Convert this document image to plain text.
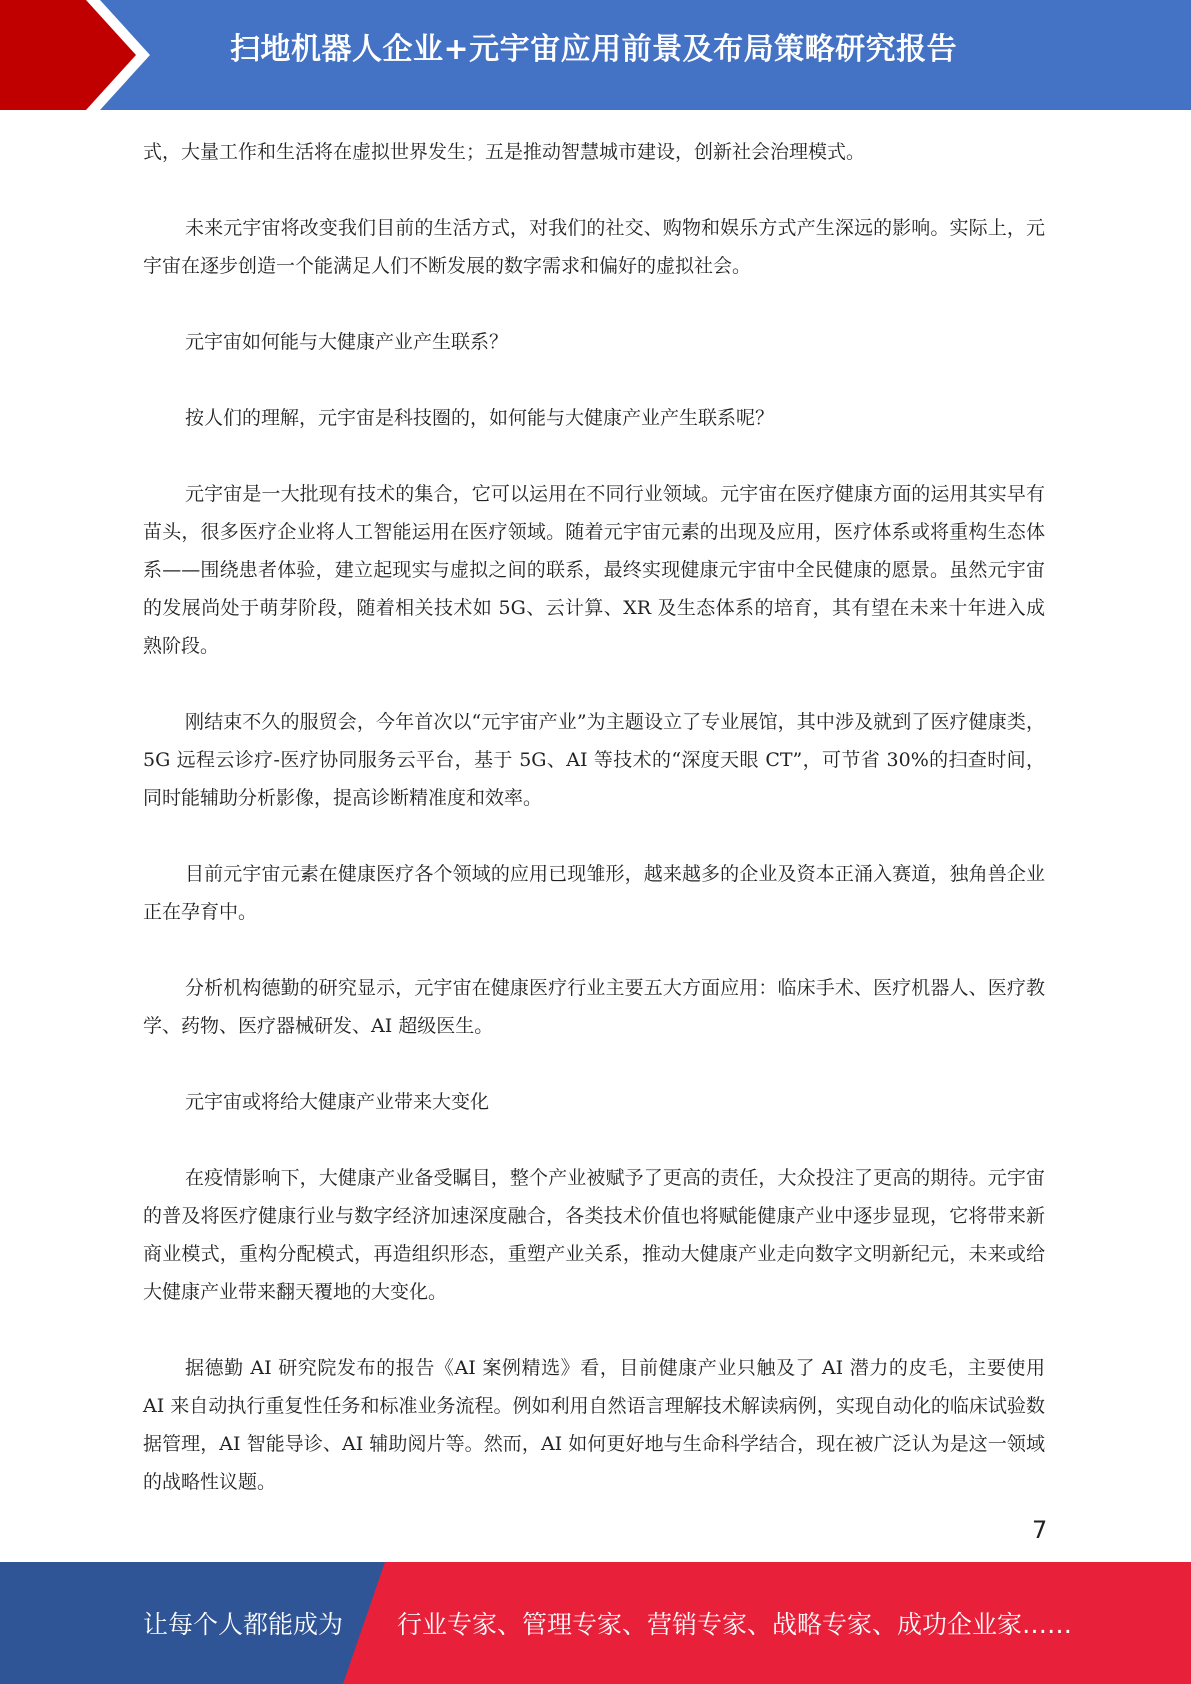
扫地机器人企业+元宇宙应用前景及布局策略研究报告

式，大量工作和生活将在虚拟世界发生；五是推动智慧城市建设，创新社会治理模式。

未来元宇宙将改变我们目前的生活方式，对我们的社交、购物和娱乐方式产生深远的影响。实际上，元宇宙在逐步创造一个能满足人们不断发展的数字需求和偏好的虚拟社会。

元宇宙如何能与大健康产业产生联系？

按人们的理解，元宇宙是科技圈的，如何能与大健康产业产生联系呢？

元宇宙是一大批现有技术的集合，它可以运用在不同行业领域。元宇宙在医疗健康方面的运用其实早有苗头，很多医疗企业将人工智能运用在医疗领域。随着元宇宙元素的出现及应用，医疗体系或将重构生态体系——围绕患者体验，建立起现实与虚拟之间的联系，最终实现健康元宇宙中全民健康的愿景。虽然元宇宙的发展尚处于萌芽阶段，随着相关技术如 5G、云计算、XR 及生态体系的培育，其有望在未来十年进入成熟阶段。

刚结束不久的服贸会，今年首次以“元宇宙产业”为主题设立了专业展馆，其中涉及就到了医疗健康类，5G 远程云诊疗-医疗协同服务云平台，基于 5G、AI 等技术的“深度天眼 CT”，可节省 30%的扫查时间，同时能辅助分析影像，提高诊断精准度和效率。

目前元宇宙元素在健康医疗各个领域的应用已现雏形，越来越多的企业及资本正涌入赛道，独角兽企业正在孕育中。

分析机构德勤的研究显示，元宇宙在健康医疗行业主要五大方面应用：临床手术、医疗机器人、医疗教学、药物、医疗器械研发、AI 超级医生。

元宇宙或将给大健康产业带来大变化

在疫情影响下，大健康产业备受瞩目，整个产业被赋予了更高的责任，大众投注了更高的期待。元宇宙的普及将医疗健康行业与数字经济加速深度融合，各类技术价值也将赋能健康产业中逐步显现，它将带来新商业模式，重构分配模式，再造组织形态，重塑产业关系，推动大健康产业走向数字文明新纪元，未来或给大健康产业带来翻天覆地的大变化。

据德勤 AI 研究院发布的报告《AI 案例精选》看，目前健康产业只触及了 AI 潜力的皮毛，主要使用 AI 来自动执行重复性任务和标准业务流程。例如利用自然语言理解技术解读病例，实现自动化的临床试验数据管理，AI 智能导诊、AI 辅助阅片等。然而，AI 如何更好地与生命科学结合，现在被广泛认为是这一领域的战略性议题。

7
让每个人都能成为 行业专家、管理专家、营销专家、战略专家、成功企业家……
